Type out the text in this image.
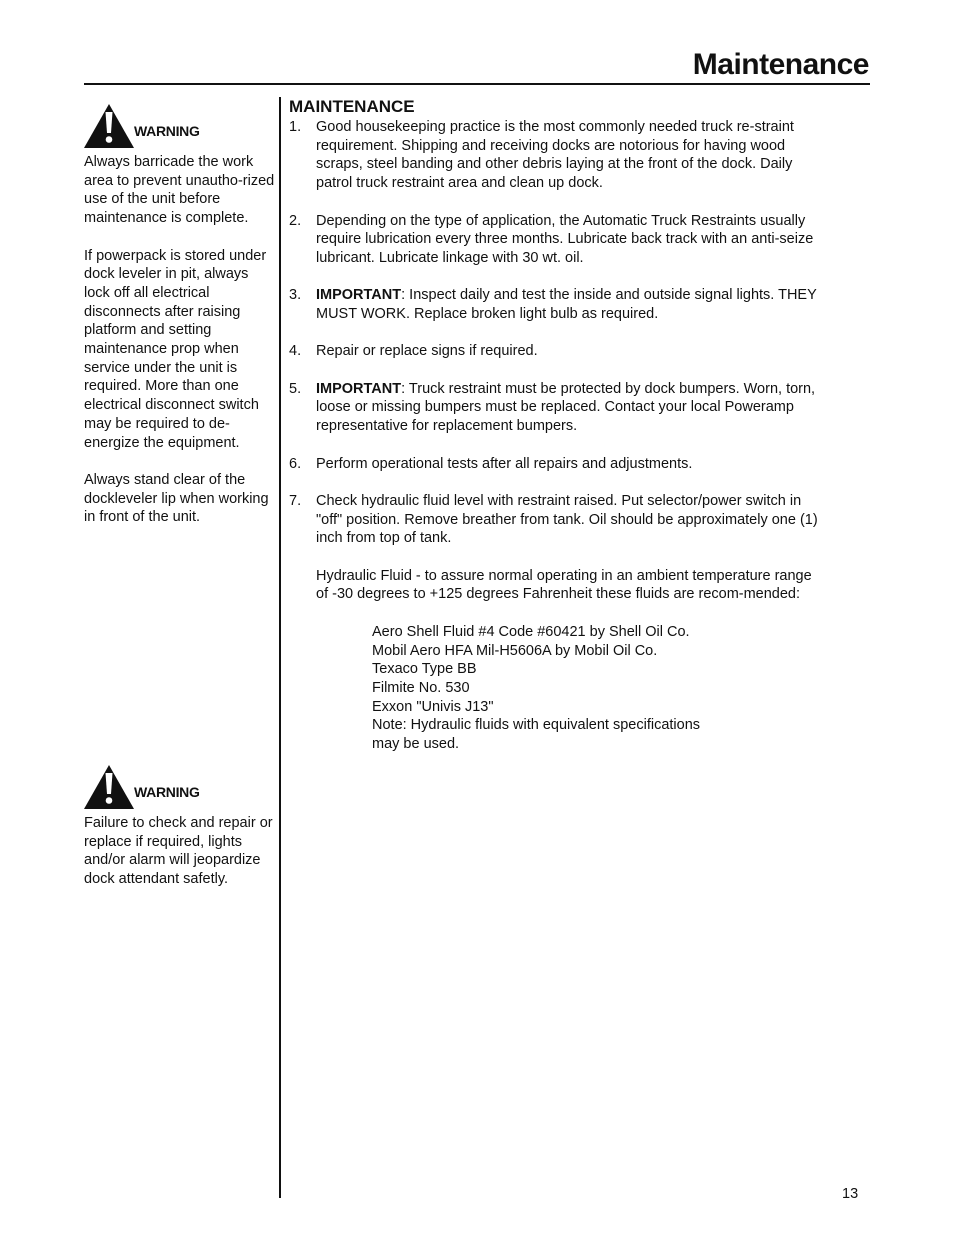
Maintenance
WARNING

Always barricade the work area to prevent unautho-rized use of the unit before maintenance is complete.

If powerpack is stored under dock leveler in pit, always lock off all electrical disconnects after raising platform and setting maintenance prop when service under the unit is required. More than one electrical disconnect switch may be required to de-energize the equipment.

Always stand clear of the dockleveler lip when working in front of the unit.

WARNING

Failure to check and repair or replace if required, lights and/or alarm will jeopardize dock attendant safetly.

MAINTENANCE
1.	Good housekeeping practice is the most commonly needed truck re-straint requirement. Shipping and receiving docks are notorious for having wood scraps, steel banding and other debris laying at the front of the dock. Daily patrol truck restraint area and clean up dock.

2.	Depending on the type of application, the Automatic Truck Restraints usually require lubrication every three months. Lubricate back track with an anti-seize lubricant. Lubricate linkage with 30 wt. oil.

3.	IMPORTANT: Inspect daily and test the inside and outside signal lights. THEY MUST WORK. Replace broken light bulb as required.

4.	Repair or replace signs if required.

5.	IMPORTANT: Truck restraint must be protected by dock bumpers. Worn, torn, loose or missing bumpers must be replaced. Contact your local Poweramp representative for replacement bumpers.

6.	Perform operational tests after all repairs and adjustments.

7.	Check hydraulic fluid level with restraint raised. Put selector/power switch in "off" position. Remove breather from tank. Oil should be approximately one (1) inch from top of tank.

Hydraulic Fluid - to assure normal operating in an ambient temperature range of -30 degrees to +125 degrees Fahrenheit these fluids are recom-mended:

Aero Shell Fluid #4 Code #60421 by Shell Oil Co.
Mobil Aero HFA Mil-H5606A by Mobil Oil Co.
Texaco Type BB
Filmite No. 530
Exxon "Univis J13"
Note: Hydraulic fluids with equivalent specifications may be used.
13
